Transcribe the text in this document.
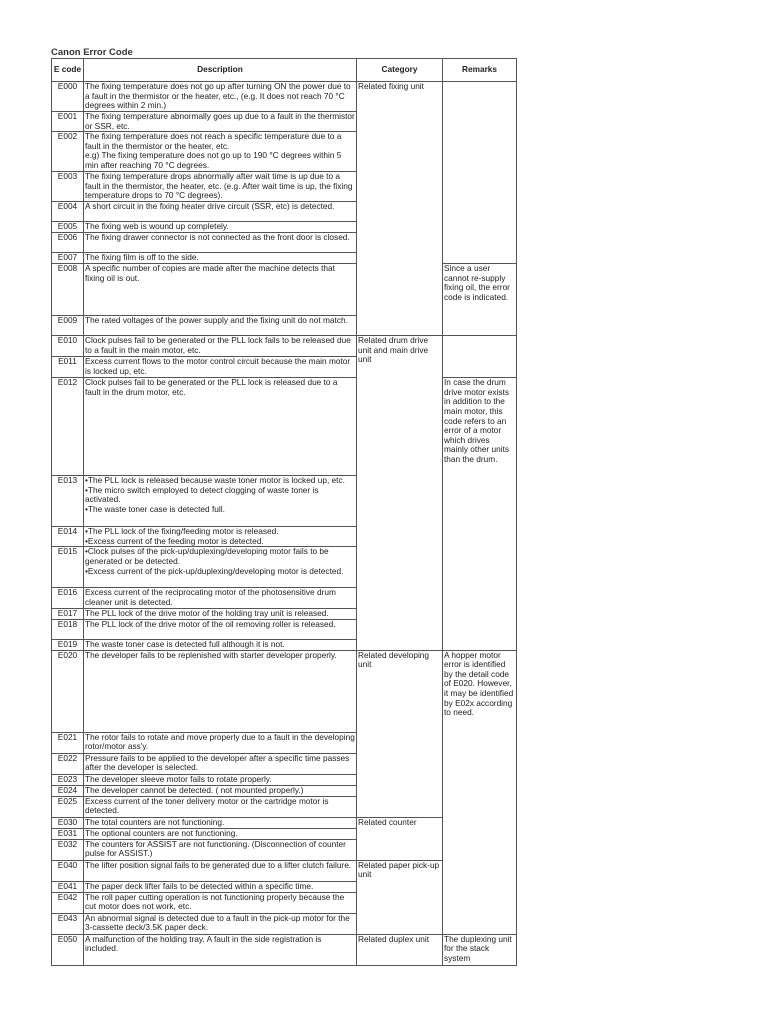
Canon Error Code
E code	Description	Category	Remarks
E000	The fixing temperature does not go up after turning ON the power due to a fault in the thermistor or the heater, etc., (e.g. It does not reach 70 °C degrees within 2 min.)	Related fixing unit	
E001	The fixing temperature abnormally goes up due to a fault in the thermistor or SSR, etc.		

E002	The fixing temperature does not reach a specific temperature due to a fault in the thermistor or the heater, etc.
e.g) The fixing temperature does not go up to 190 °C degrees within 5 min after reaching 70 °C degrees.		

E003	The fixing temperature drops abnormally after wait time is up due to a fault in the thermistor, the heater, etc. (e.g. After wait time is up, the fixing temperature drops to 70 °C degrees).		

E004	A short circuit in the fixing heater drive circuit (SSR, etc) is detected.		

E005	The fixing web is wound up completely.		

E006	The fixing drawer connector is not connected as the front door is closed.		

E007	The fixing film is off to the side.		

E008	A specific number of copies are made after the machine detects that fixing oil is out.		Since a user cannot re-supply fixing oil, the error code is indicated.
E009	The rated voltages of the power supply and the fixing unit do not match.		

E010	Clock pulses fail to be generated or the PLL lock fails to be released due to a fault in the main motor, etc.	Related drum drive unit and main drive unit	
E011	Excess current flows to the motor control circuit because the main motor is locked up, etc.		

E012	Clock pulses fail to be generated or the PLL lock is released due to a fault in the drum motor, etc.		In case the drum drive motor exists in addition to the main motor, this code refers to an error of a motor which drives mainly other units than the drum.
E013	•The PLL lock is released because waste toner motor is locked up, etc.
•The micro switch employed to detect clogging of waste toner is activated.
•The waste toner case is detected full.		

E014	•The PLL lock of the fixing/feeding motor is released.
•Excess current of the feeding motor is detected.		

E015	•Clock pulses of the pick-up/duplexing/developing motor fails to be generated or be detected.
•Excess current of the pick-up/duplexing/developing motor is detected.		

E016	Excess current of the reciprocating motor of the photosensitive drum cleaner unit is detected.		

E017	The PLL lock of the drive motor of the holding tray unit is released.		

E018	The PLL lock of the drive motor of the oil removing roller is released.		

E019	The waste toner case is detected full although it is not.		

E020	The developer fails to be replenished with starter developer properly.	Related developing unit	A hopper motor error is identified by the detail code of E020. However, it may be identified by E02x according to need.
E021	The rotor fails to rotate and move properly due to a fault in the developing rotor/motor ass'y.		

E022	Pressure fails to be applied to the developer after a specific time passes after the developer is selected.		

E023	The developer sleeve motor fails to rotate properly.		

E024	The developer cannot be detected. ( not mounted properly.)		

E025	Excess current of the toner delivery motor or the cartridge motor is detected.		

E030	The total counters are not functioning.	Related counter	
E031	The optional counters are not functioning.		

E032	The counters for ASSIST are not functioning. (Disconnection of counter pulse for ASSIST.)		

E040	The lifter position signal fails to be generated due to a lifter clutch failure.	Related paper pick-up unit	
E041	The paper deck lifter fails to be detected within a specific time.		

E042	The roll paper cutting operation is not functioning properly because the cut motor does not work, etc.		

E043	An abnormal signal is detected due to a fault in the pick-up motor for the 3-cassette deck/3.5K paper deck.		

E050	A malfunction of the holding tray. A fault in the side registration is included.	Related duplex unit	The duplexing unit for the stack system
